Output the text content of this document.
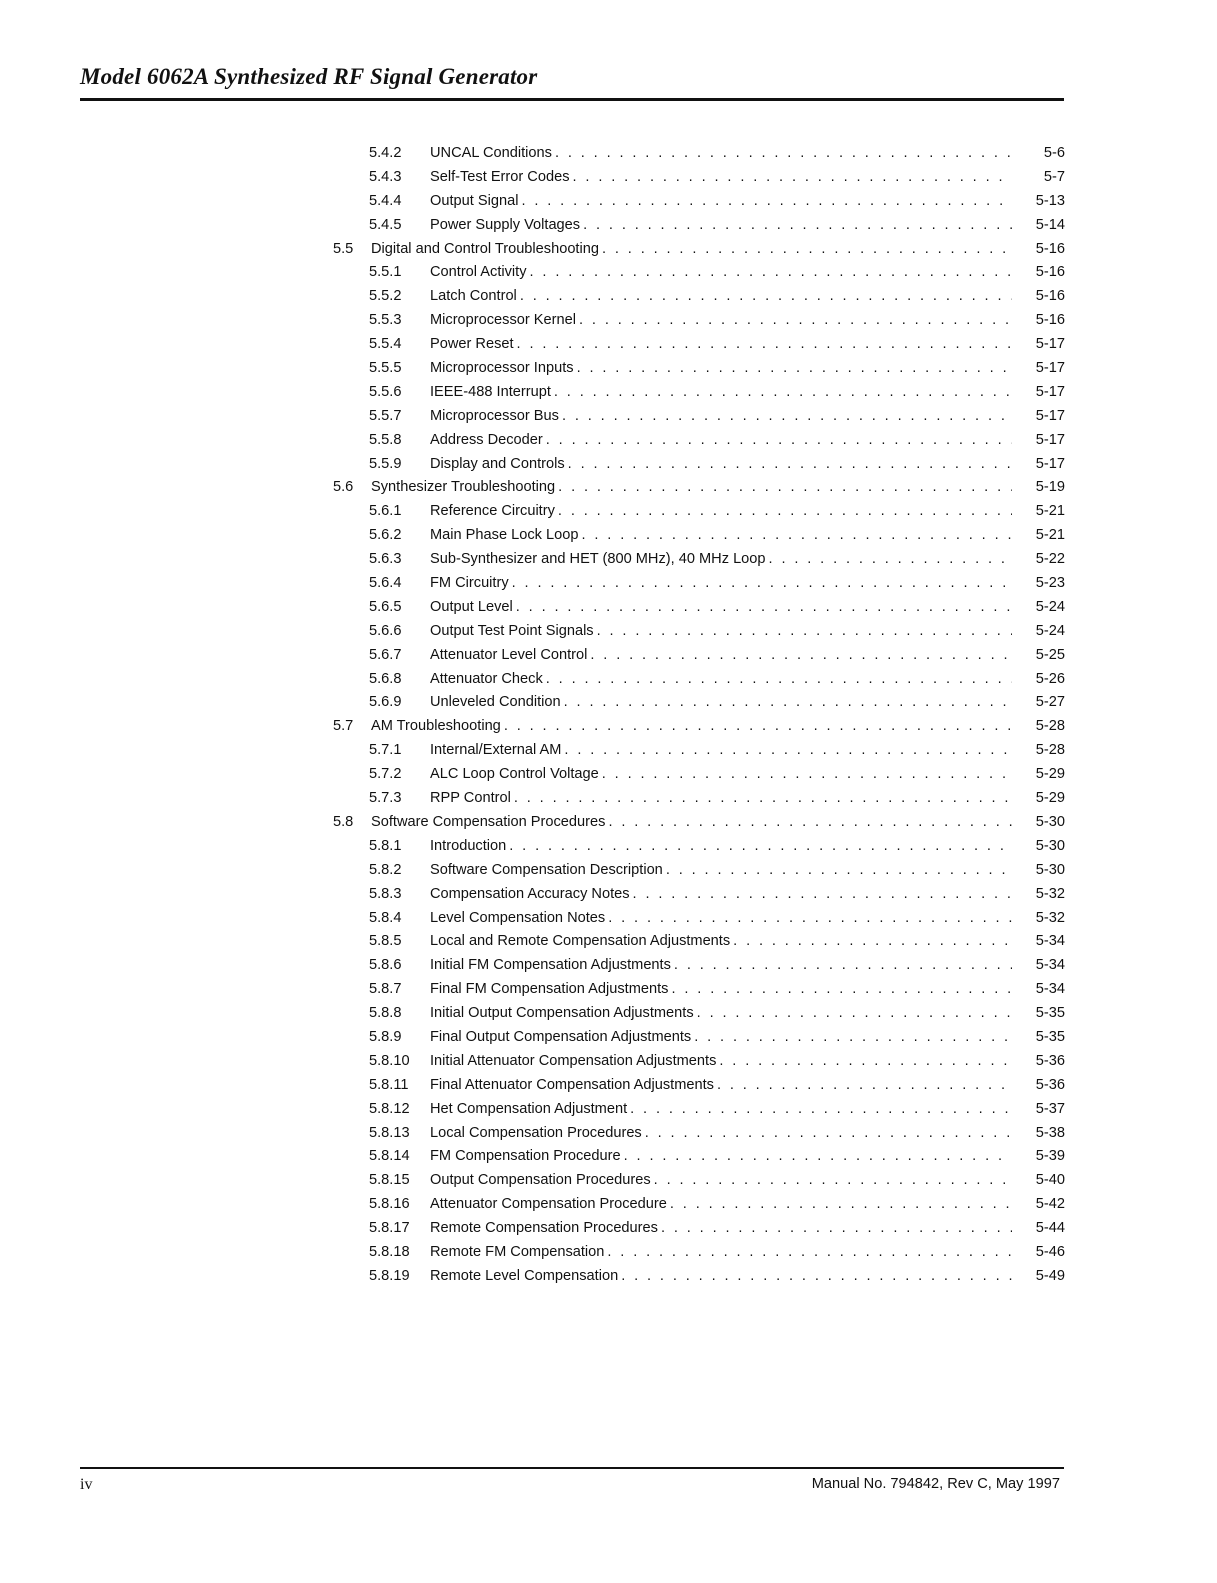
Model 6062A Synthesized RF Signal Generator
5.4.2 UNCAL Conditions . . .	5-6
5.4.3 Self-Test Error Codes . . .	5-7
5.4.4 Output Signal . . .	5-13
5.4.5 Power Supply Voltages . . .	5-14
5.5 Digital and Control Troubleshooting . . .	5-16
5.5.1 Control Activity . . .	5-16
5.5.2 Latch Control . . .	5-16
5.5.3 Microprocessor Kernel . . .	5-16
5.5.4 Power Reset . . .	5-17
5.5.5 Microprocessor Inputs . . .	5-17
5.5.6 IEEE-488 Interrupt . . .	5-17
5.5.7 Microprocessor Bus . . .	5-17
5.5.8 Address Decoder . . .	5-17
5.5.9 Display and Controls . . .	5-17
5.6 Synthesizer Troubleshooting . . .	5-19
5.6.1 Reference Circuitry . . .	5-21
5.6.2 Main Phase Lock Loop . . .	5-21
5.6.3 Sub-Synthesizer and HET (800 MHz), 40 MHz Loop . . .	5-22
5.6.4 FM Circuitry . . .	5-23
5.6.5 Output Level . . .	5-24
5.6.6 Output Test Point Signals . . .	5-24
5.6.7 Attenuator Level Control . . .	5-25
5.6.8 Attenuator Check . . .	5-26
5.6.9 Unleveled Condition . . .	5-27
5.7 AM Troubleshooting . . .	5-28
5.7.1 Internal/External AM . . .	5-28
5.7.2 ALC Loop Control Voltage . . .	5-29
5.7.3 RPP Control . . .	5-29
5.8 Software Compensation Procedures . . .	5-30
5.8.1 Introduction . . .	5-30
5.8.2 Software Compensation Description . . .	5-30
5.8.3 Compensation Accuracy Notes . . .	5-32
5.8.4 Level Compensation Notes . . .	5-32
5.8.5 Local and Remote Compensation Adjustments . . .	5-34
5.8.6 Initial FM Compensation Adjustments . . .	5-34
5.8.7 Final FM Compensation Adjustments . . .	5-34
5.8.8 Initial Output Compensation Adjustments . . .	5-35
5.8.9 Final Output Compensation Adjustments . . .	5-35
5.8.10 Initial Attenuator Compensation Adjustments . . .	5-36
5.8.11 Final Attenuator Compensation Adjustments . . .	5-36
5.8.12 Het Compensation Adjustment . . .	5-37
5.8.13 Local Compensation Procedures . . .	5-38
5.8.14 FM Compensation Procedure . . .	5-39
5.8.15 Output Compensation Procedures . . .	5-40
5.8.16 Attenuator Compensation Procedure . . .	5-42
5.8.17 Remote Compensation Procedures . . .	5-44
5.8.18 Remote FM Compensation . . .	5-46
5.8.19 Remote Level Compensation . . .	5-49
iv	Manual No. 794842, Rev C, May 1997
